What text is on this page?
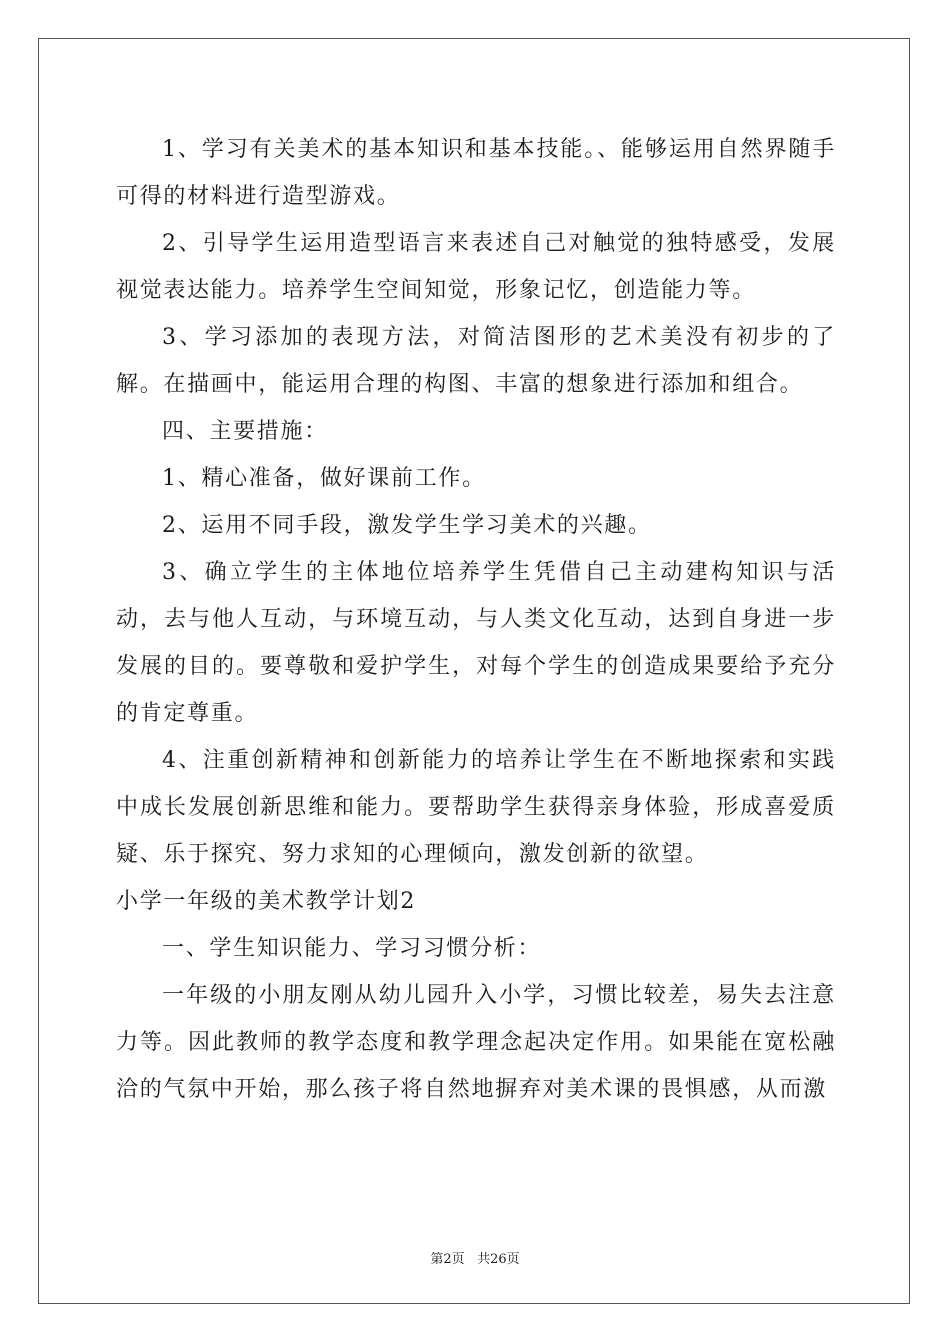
1、学习有关美术的基本知识和基本技能。、能够运用自然界随手可得的材料进行造型游戏。

2、引导学生运用造型语言来表述自己对触觉的独特感受，发展视觉表达能力。培养学生空间知觉，形象记忆，创造能力等。

3、学习添加的表现方法，对简洁图形的艺术美没有初步的了解。在描画中，能运用合理的构图、丰富的想象进行添加和组合。

四、主要措施：

1、精心准备，做好课前工作。

2、运用不同手段，激发学生学习美术的兴趣。

3、确立学生的主体地位培养学生凭借自己主动建构知识与活动，去与他人互动，与环境互动，与人类文化互动，达到自身进一步发展的目的。要尊敬和爱护学生，对每个学生的创造成果要给予充分的肯定尊重。

4、注重创新精神和创新能力的培养让学生在不断地探索和实践中成长发展创新思维和能力。要帮助学生获得亲身体验，形成喜爱质疑、乐于探究、努力求知的心理倾向，激发创新的欲望。

小学一年级的美术教学计划2

一、学生知识能力、学习习惯分析：

一年级的小朋友刚从幼儿园升入小学，习惯比较差，易失去注意力等。因此教师的教学态度和教学理念起决定作用。如果能在宽松融洽的气氛中开始，那么孩子将自然地摒弃对美术课的畏惧感，从而激

第2页 共26页
